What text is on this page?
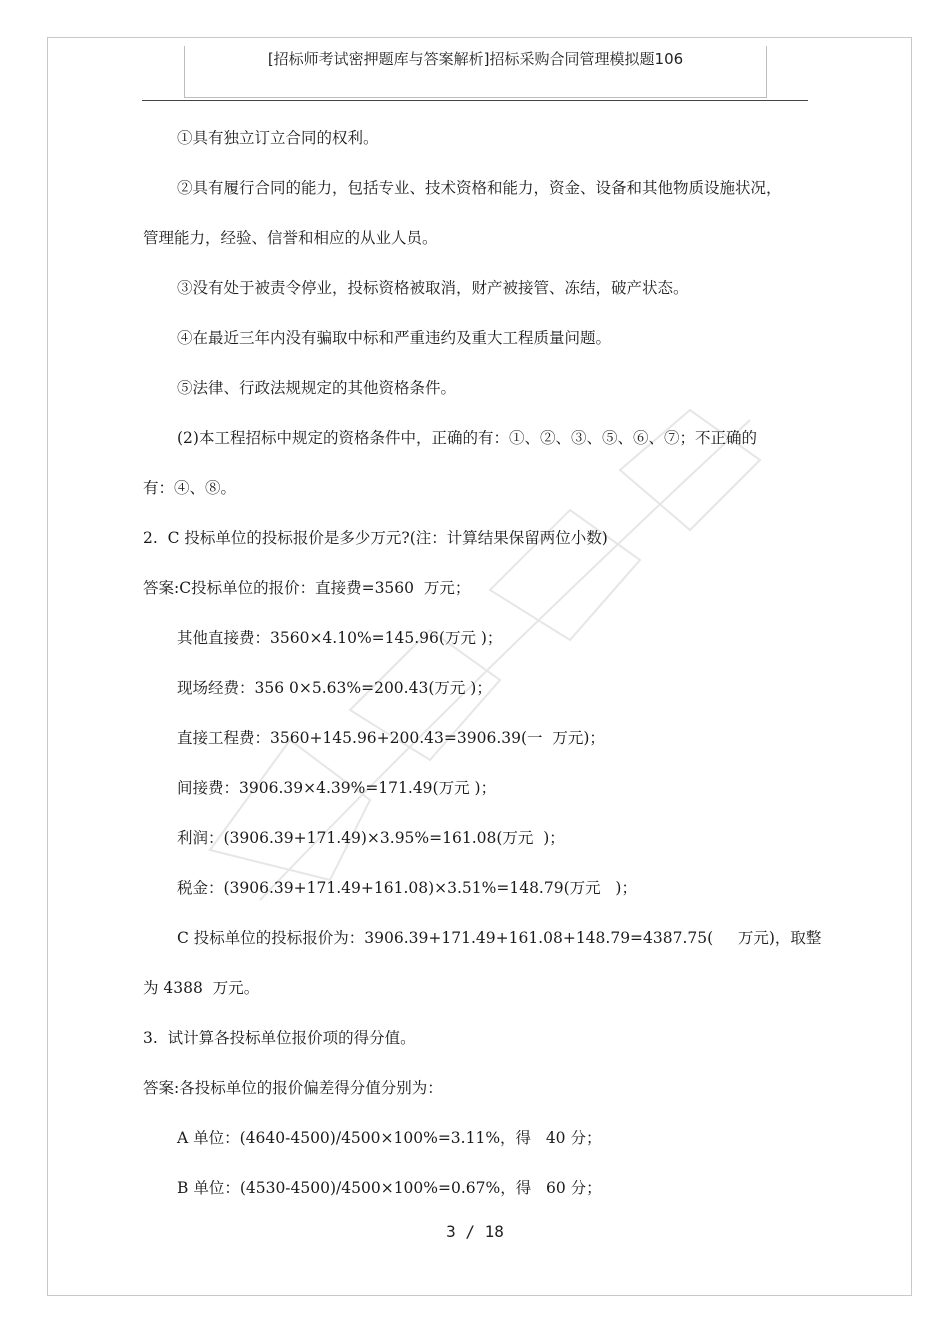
[招标师考试密押题库与答案解析]招标采购合同管理模拟题106
①具有独立订立合同的权利。
②具有履行合同的能力，包括专业、技术资格和能力，资金、设备和其他物质设施状况，
管理能力，经验、信誉和相应的从业人员。
③没有处于被责令停业，投标资格被取消，财产被接管、冻结，破产状态。
④在最近三年内没有骗取中标和严重违约及重大工程质量问题。
⑤法律、行政法规规定的其他资格条件。
(2)本工程招标中规定的资格条件中，正确的有：①、②、③、⑤、⑥、⑦；不正确的
有：④、⑧。
2.  C 投标单位的投标报价是多少万元?(注：计算结果保留两位小数)
答案:C投标单位的报价：直接费=3560  万元；
其他直接费：3560×4.10%=145.96(万元 )；
现场经费：356 0×5.63%=200.43(万元 )；
直接工程费：3560+145.96+200.43=3906.39(一  万元)；
间接费：3906.39×4.39%=171.49(万元 )；
利润：(3906.39+171.49)×3.95%=161.08(万元  )；
税金：(3906.39+171.49+161.08)×3.51%=148.79(万元   )；
C 投标单位的投标报价为：3906.39+171.49+161.08+148.79=4387.75(     万元)，取整
为 4388  万元。
3.  试计算各投标单位报价项的得分值。
答案:各投标单位的报价偏差得分值分别为：
A 单位：(4640-4500)/4500×100%=3.11%，得   40 分；
B 单位：(4530-4500)/4500×100%=0.67%，得   60 分；
3 / 18
